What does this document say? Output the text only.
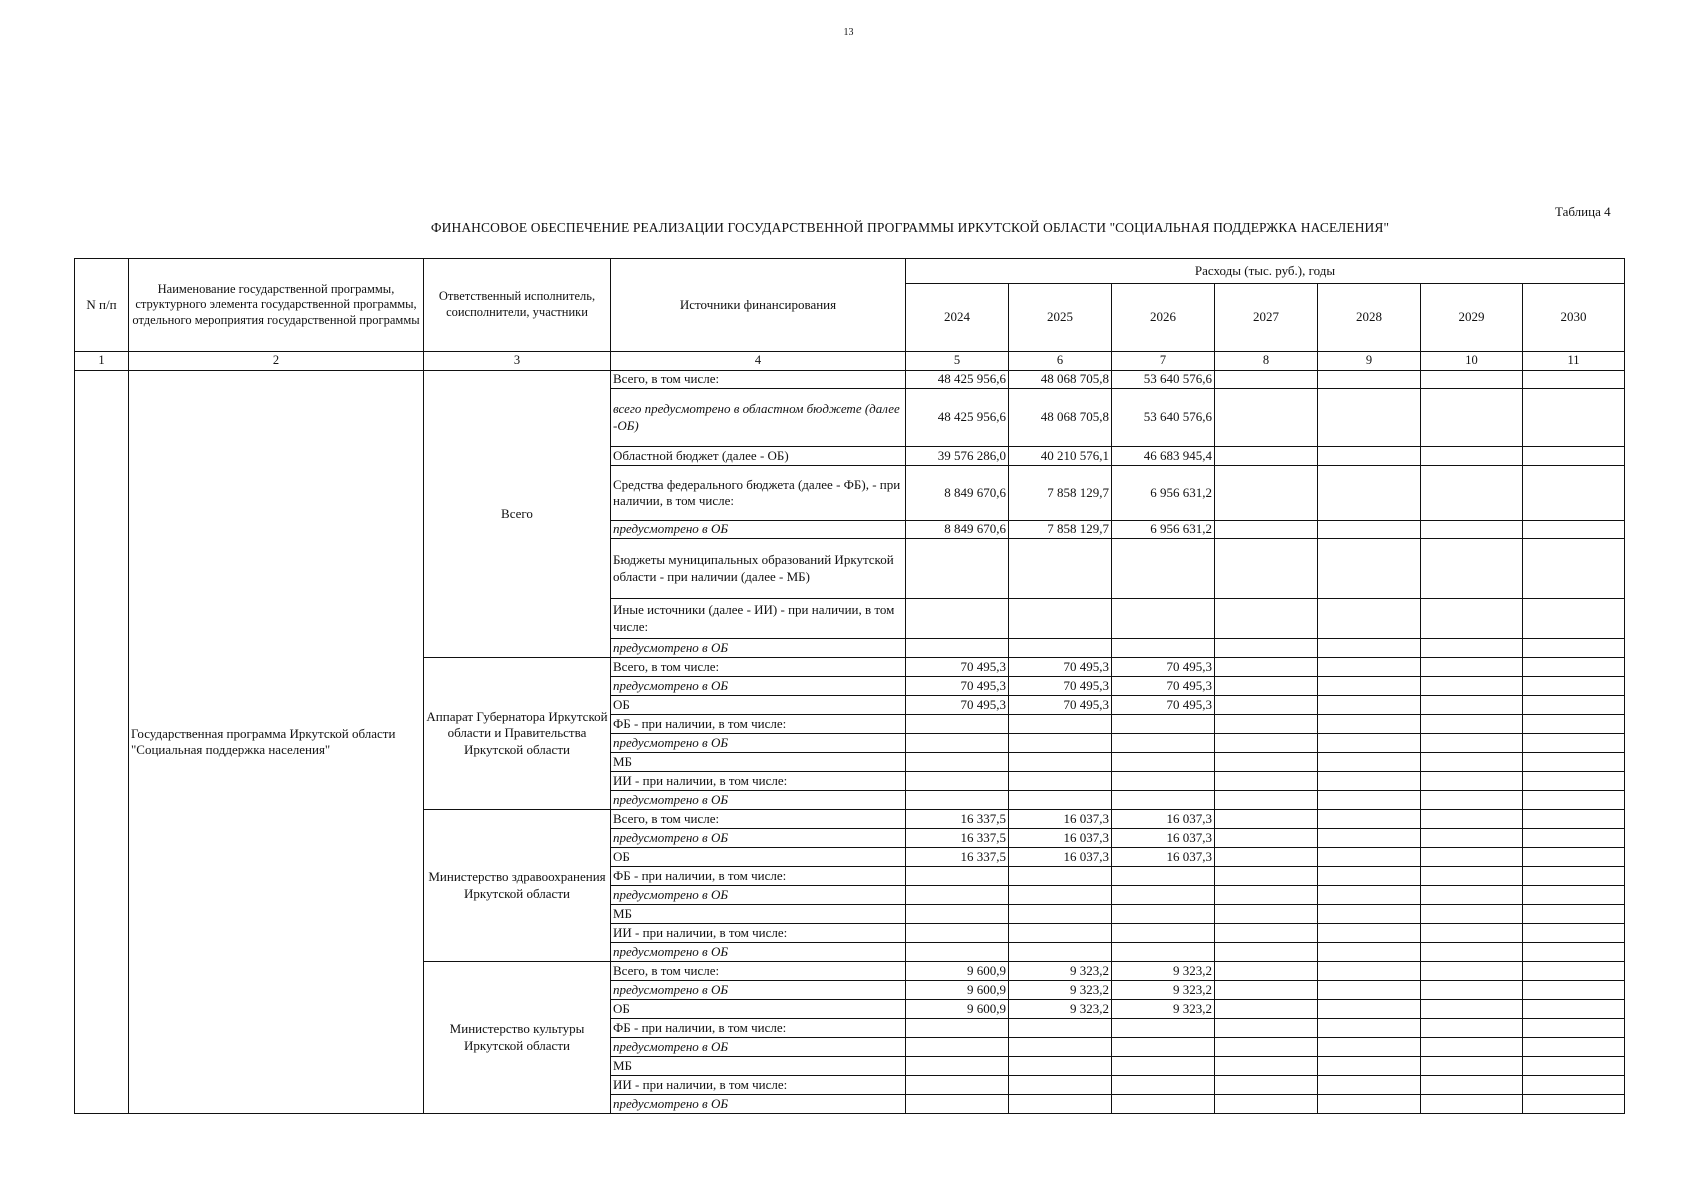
13
Таблица 4
ФИНАНСОВОЕ ОБЕСПЕЧЕНИЕ РЕАЛИЗАЦИИ ГОСУДАРСТВЕННОЙ ПРОГРАММЫ ИРКУТСКОЙ ОБЛАСТИ "СОЦИАЛЬНАЯ ПОДДЕРЖКА НАСЕЛЕНИЯ"
N п/п	Наименование государственной программы, структурного элемента государственной программы, отдельного мероприятия государственной программы	Ответственный исполнитель, соисполнители, участники	Источники финансирования	Расходы (тыс. руб.), годы						
				2024	2025	2026	2027	2028	2029	2030
1	2	3	4	5	6	7	8	9	10	11
	Государственная программа Иркутской области "Социальная поддержка населения"	Всего	Всего, в том числе:	48 425 956,6	48 068 705,8	53 640 576,6				
			всего предусмотрено в областном бюджете (далее -ОБ)	48 425 956,6	48 068 705,8	53 640 576,6				
			Областной бюджет (далее - ОБ)	39 576 286,0	40 210 576,1	46 683 945,4				
			Средства федерального бюджета (далее - ФБ), - при наличии, в том числе:	8 849 670,6	7 858 129,7	6 956 631,2				
			предусмотрено в ОБ	8 849 670,6	7 858 129,7	6 956 631,2				
			Бюджеты муниципальных образований Иркутской области - при наличии (далее - МБ)							
			Иные источники (далее - ИИ) - при наличии, в том числе:							
			предусмотрено в ОБ							
		Аппарат Губернатора Иркутской области и Правительства Иркутской области	Всего, в том числе:	70 495,3	70 495,3	70 495,3				
			предусмотрено в ОБ	70 495,3	70 495,3	70 495,3				
			ОБ	70 495,3	70 495,3	70 495,3				
			ФБ - при наличии, в том числе:							
			предусмотрено в ОБ							
			МБ							
			ИИ - при наличии, в том числе:							
			предусмотрено в ОБ							
		Министерство здравоохранения Иркутской области	Всего, в том числе:	16 337,5	16 037,3	16 037,3				
			предусмотрено в ОБ	16 337,5	16 037,3	16 037,3				
			ОБ	16 337,5	16 037,3	16 037,3				
			ФБ - при наличии, в том числе:							
			предусмотрено в ОБ							
			МБ							
			ИИ - при наличии, в том числе:							
			предусмотрено в ОБ							
		Министерство культуры Иркутской области	Всего, в том числе:	9 600,9	9 323,2	9 323,2				
			предусмотрено в ОБ	9 600,9	9 323,2	9 323,2				
			ОБ	9 600,9	9 323,2	9 323,2				
			ФБ - при наличии, в том числе:							
			предусмотрено в ОБ							
			МБ							
			ИИ - при наличии, в том числе:							
			предусмотрено в ОБ							
